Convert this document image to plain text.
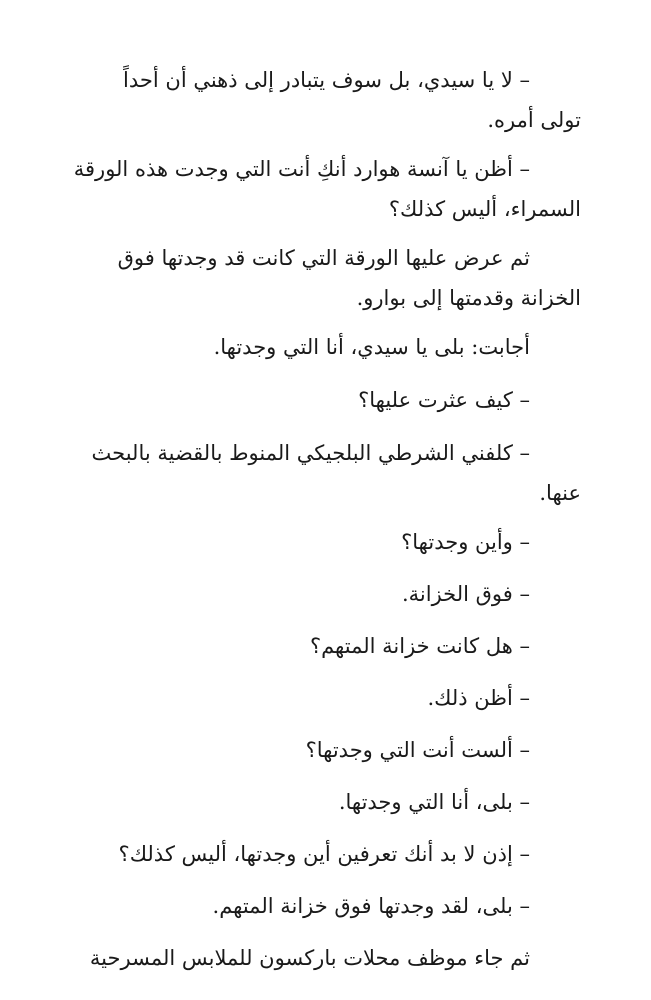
– لا يا سيدي، بل سوف يتبادر إلى ذهني أن أحداً
تولى أمره.
– أظن يا آنسة هوارد أنكِ أنت التي وجدت هذه الورقة
السمراء، أليس كذلك؟
ثم عرض عليها الورقة التي كانت قد وجدتها فوق
الخزانة وقدمتها إلى بوارو.
أجابت: بلى يا سيدي، أنا التي وجدتها.
– كيف عثرت عليها؟
– كلفني الشرطي البلجيكي المنوط بالقضية بالبحث
عنها.
– وأين وجدتها؟
– فوق الخزانة.
– هل كانت خزانة المتهم؟
– أظن ذلك.
– ألست أنت التي وجدتها؟
– بلى، أنا التي وجدتها.
– إذن لا بد أنك تعرفين أين وجدتها، أليس كذلك؟
– بلى، لقد وجدتها فوق خزانة المتهم.
ثم جاء موظف محلات باركسون للملابس المسرحية
